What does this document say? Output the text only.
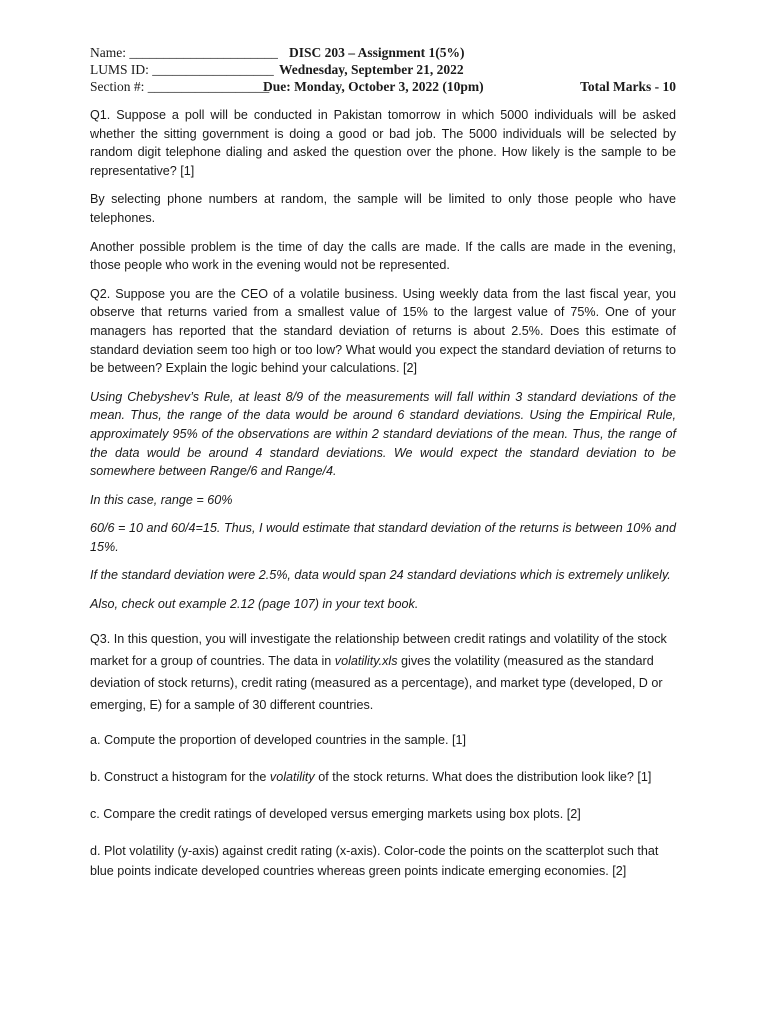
Name: ______________________ DISC 203 – Assignment 1(5%)
LUMS ID: __________________ Wednesday, September 21, 2022
Section #: __________________
Due: Monday, October 3, 2022 (10pm)	Total Marks - 10

Q1. Suppose a poll will be conducted in Pakistan tomorrow in which 5000 individuals will be asked whether the sitting government is doing a good or bad job. The 5000 individuals will be selected by random digit telephone dialing and asked the question over the phone. How likely is the sample to be representative? [1]

By selecting phone numbers at random, the sample will be limited to only those people who have telephones.

Another possible problem is the time of day the calls are made. If the calls are made in the evening, those people who work in the evening would not be represented.

Q2. Suppose you are the CEO of a volatile business. Using weekly data from the last fiscal year, you observe that returns varied from a smallest value of 15% to the largest value of 75%. One of your managers has reported that the standard deviation of returns is about 2.5%. Does this estimate of standard deviation seem too high or too low? What would you expect the standard deviation of returns to be between? Explain the logic behind your calculations. [2]

Using Chebyshev’s Rule, at least 8/9 of the measurements will fall within 3 standard deviations of the mean. Thus, the range of the data would be around 6 standard deviations. Using the Empirical Rule, approximately 95% of the observations are within 2 standard deviations of the mean. Thus, the range of the data would be around 4 standard deviations. We would expect the standard deviation to be somewhere between Range/6 and Range/4.

In this case, range = 60%

60/6 = 10 and 60/4=15. Thus, I would estimate that standard deviation of the returns is between 10% and 15%.

If the standard deviation were 2.5%, data would span 24 standard deviations which is extremely unlikely.

Also, check out example 2.12 (page 107) in your text book.

Q3. In this question, you will investigate the relationship between credit ratings and volatility of the stock market for a group of countries. The data in volatility.xls gives the volatility (measured as the standard deviation of stock returns), credit rating (measured as a percentage), and market type (developed, D or emerging, E) for a sample of 30 different countries.

a. Compute the proportion of developed countries in the sample. [1]

b. Construct a histogram for the volatility of the stock returns. What does the distribution look like? [1]

c. Compare the credit ratings of developed versus emerging markets using box plots. [2]

d. Plot volatility (y-axis) against credit rating (x-axis). Color-code the points on the scatterplot such that blue points indicate developed countries whereas green points indicate emerging economies. [2]
